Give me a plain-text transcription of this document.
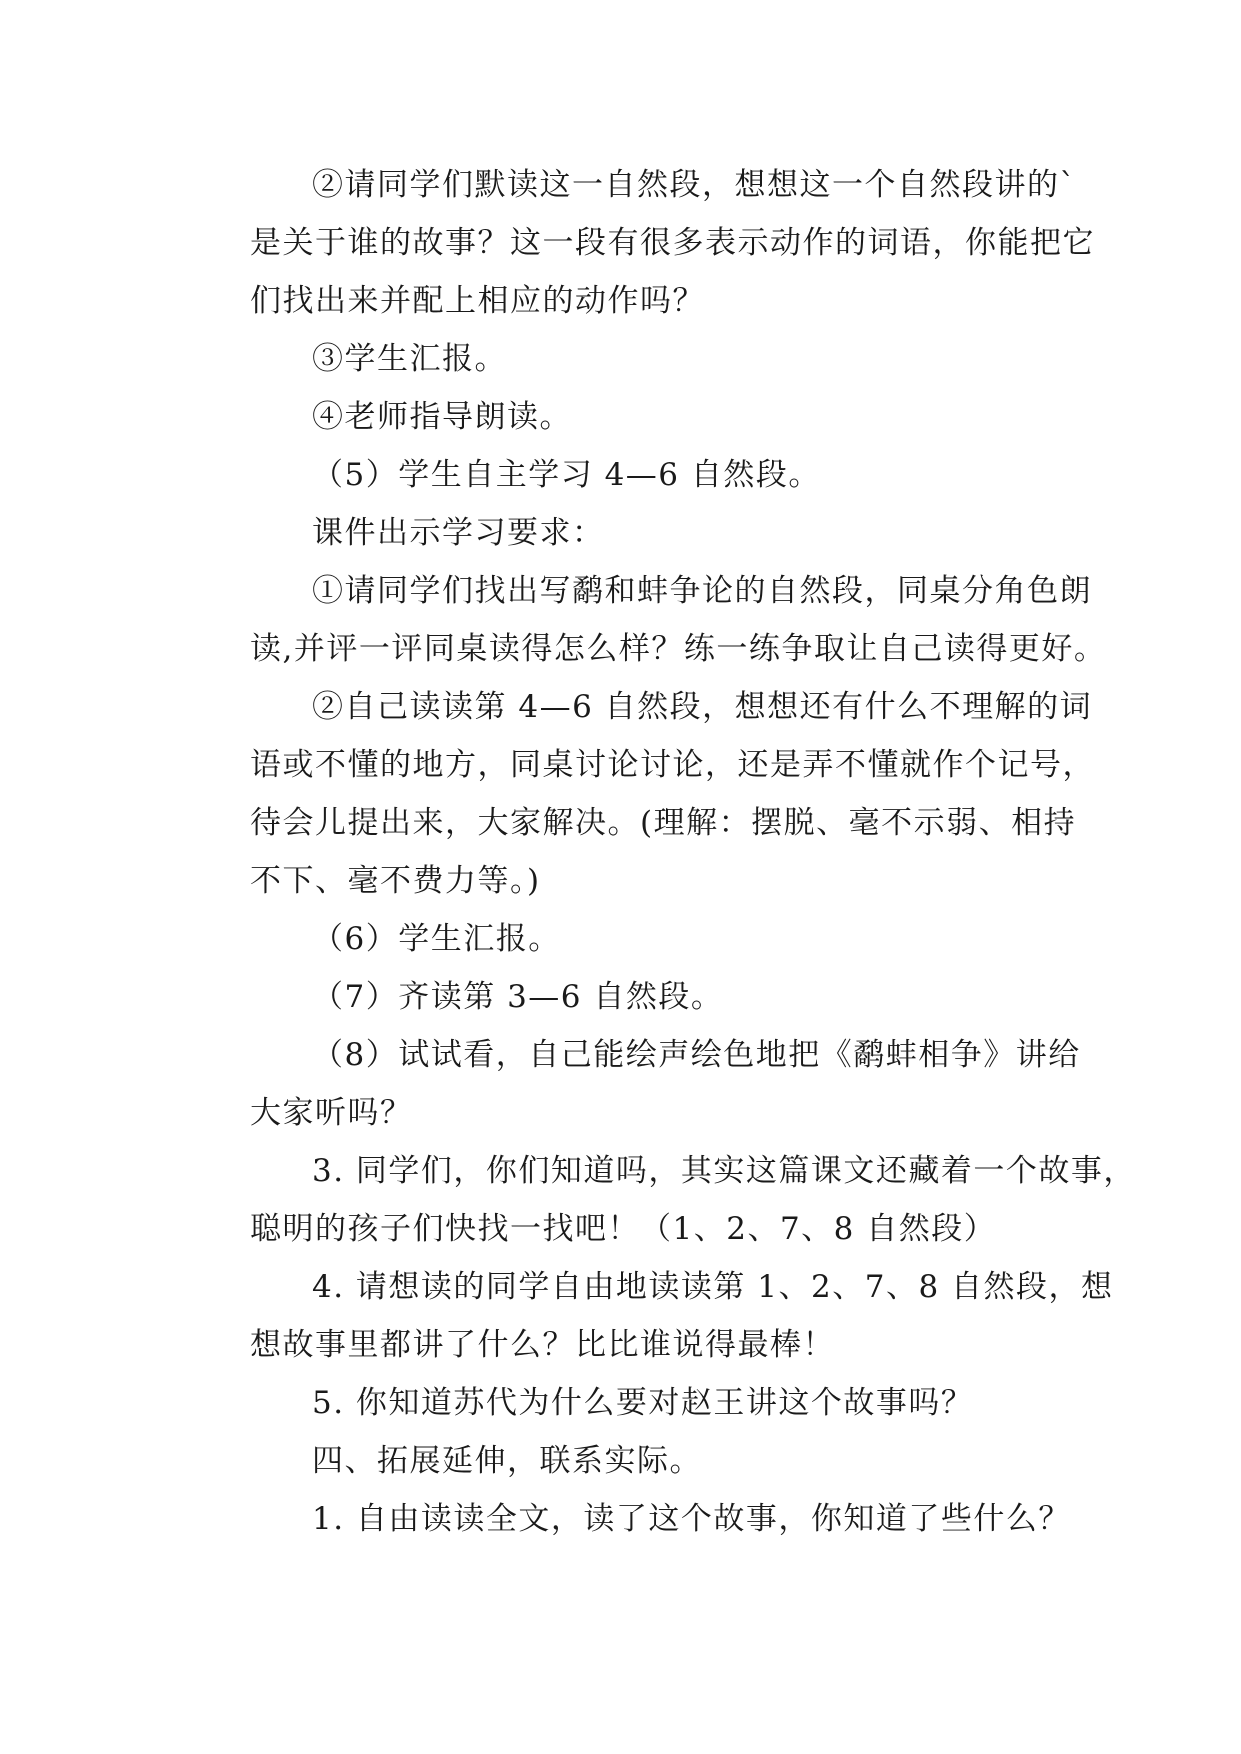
②请同学们默读这一自然段，想想这一个自然段讲的`
是关于谁的故事？这一段有很多表示动作的词语，你能把它
们找出来并配上相应的动作吗？
③学生汇报。
④老师指导朗读。
（5）学生自主学习 4—6 自然段。
课件出示学习要求：
①请同学们找出写鹬和蚌争论的自然段，同桌分角色朗
读,并评一评同桌读得怎么样？练一练争取让自己读得更好。
②自己读读第 4—6 自然段，想想还有什么不理解的词
语或不懂的地方，同桌讨论讨论，还是弄不懂就作个记号，
待会儿提出来，大家解决。(理解：摆脱、毫不示弱、相持
不下、毫不费力等。)
（6）学生汇报。
（7）齐读第 3—6 自然段。
（8）试试看，自己能绘声绘色地把《鹬蚌相争》讲给
大家听吗？
3. 同学们，你们知道吗，其实这篇课文还藏着一个故事，
聪明的孩子们快找一找吧！（1、2、7、8 自然段）
4. 请想读的同学自由地读读第 1、2、7、8 自然段，想
想故事里都讲了什么？比比谁说得最棒！
5. 你知道苏代为什么要对赵王讲这个故事吗？
四、拓展延伸，联系实际。
1. 自由读读全文，读了这个故事，你知道了些什么？
